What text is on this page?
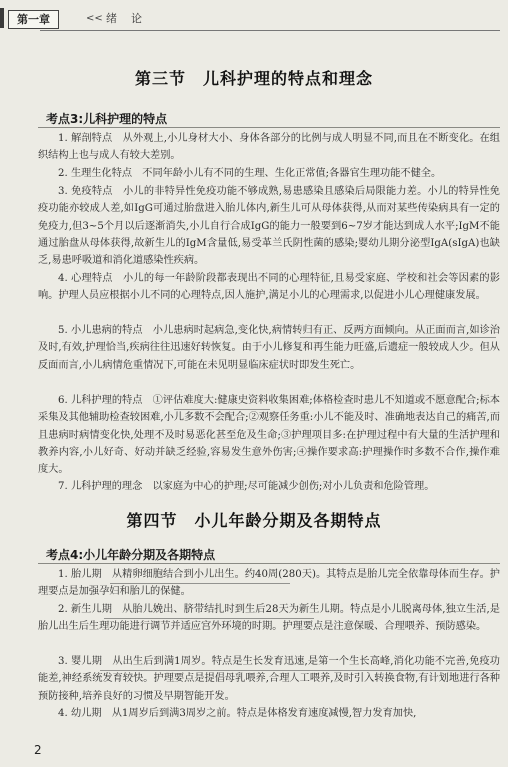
第一章	<< 绪论
第三节　儿科护理的特点和理念
考点3:儿科护理的特点

1. 解剖特点　从外观上,小儿身材大小、身体各部分的比例与成人明显不同,而且在不断变化。在组织结构上也与成人有较大差别。

2. 生理生化特点　不同年龄小儿有不同的生理、生化正常值;各器官生理功能不健全。

3. 免疫特点　小儿的非特异性免疫功能不够成熟,易患感染且感染后局限能力差。小儿的特异性免疫功能亦较成人差,如IgG可通过胎盘进入胎儿体内,新生儿可从母体获得,从而对某些传染病具有一定的免疫力,但3~5个月以后逐渐消失,小儿自行合成IgG的能力一般要到6~7岁才能达到成人水平;IgM不能通过胎盘从母体获得,故新生儿的IgM含量低,易受革兰氏阴性菌的感染;婴幼儿期分泌型IgA(sIgA)也缺乏,易患呼吸道和消化道感染性疾病。

4. 心理特点　小儿的每一年龄阶段都表现出不同的心理特征,且易受家庭、学校和社会等因素的影响。护理人员应根据小儿不同的心理特点,因人施护,满足小儿的心理需求,以促进小儿心理健康发展。

5. 小儿患病的特点　小儿患病时起病急,变化快,病情转归有正、反两方面倾向。从正面而言,如诊治及时,有效,护理恰当,疾病往往迅速好转恢复。由于小儿修复和再生能力旺盛,后遗症一般较成人少。但从反面而言,小儿病情危重情况下,可能在未见明显临床症状时即发生死亡。

6. 儿科护理的特点　①评估难度大:健康史资料收集困难;体格检查时患儿不知道或不愿意配合;标本采集及其他辅助检查较困难,小儿多数不会配合;②观察任务重:小儿不能及时、准确地表达自己的痛苦,而且患病时病情变化快,处理不及时易恶化甚至危及生命;③护理项目多:在护理过程中有大量的生活护理和教养内容,小儿好奇、好动并缺乏经验,容易发生意外伤害;④操作要求高:护理操作时多数不合作,操作难度大。

7. 儿科护理的理念　以家庭为中心的护理;尽可能减少创伤;对小儿负责和危险管理。

第四节　小儿年龄分期及各期特点
考点4:小儿年龄分期及各期特点

1. 胎儿期　从精卵细胞结合到小儿出生。约40周(280天)。其特点是胎儿完全依靠母体而生存。护理要点是加强孕妇和胎儿的保健。

2. 新生儿期　从胎儿娩出、脐带结扎时到生后28天为新生儿期。特点是小儿脱离母体,独立生活,是胎儿出生后生理功能进行调节并适应宫外环境的时期。护理要点是注意保暖、合理喂养、预防感染。

3. 婴儿期　从出生后到满1周岁。特点是生长发育迅速,是第一个生长高峰,消化功能不完善,免疫功能差,神经系统发育较快。护理要点是提倡母乳喂养,合理人工喂养,及时引入转换食物,有计划地进行各种预防接种,培养良好的习惯及早期智能开发。

4. 幼儿期　从1周岁后到满3周岁之前。特点是体格发育速度减慢,智力发育加快,

2
